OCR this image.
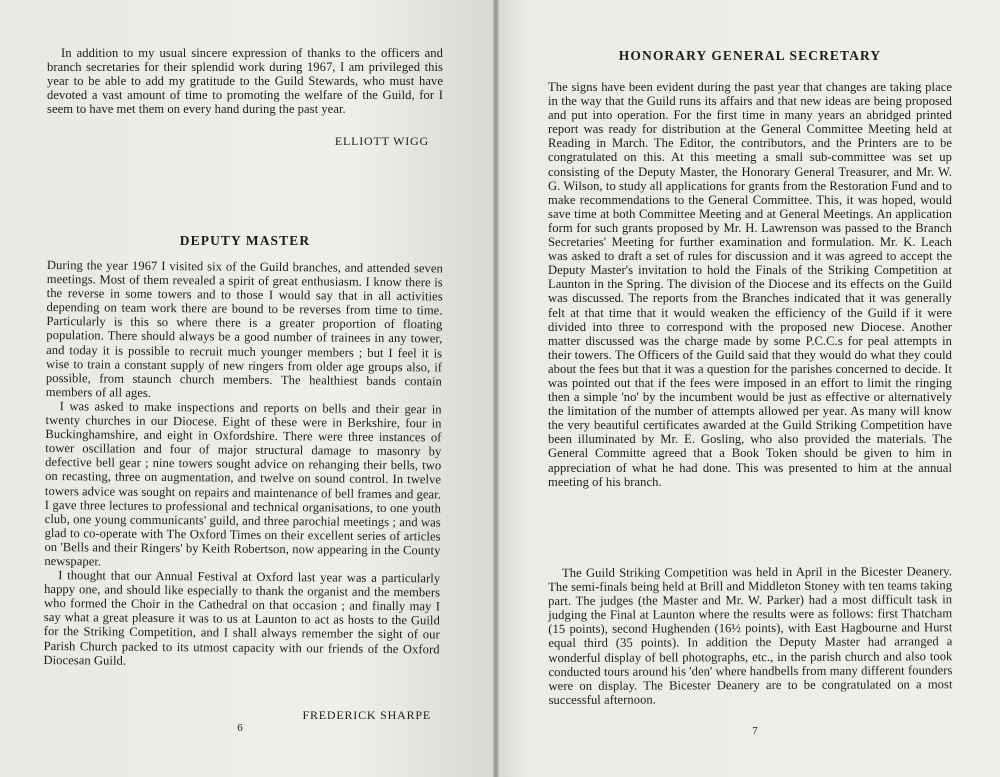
In addition to my usual sincere expression of thanks to the officers and branch secretaries for their splendid work during 1967, I am privileged this year to be able to add my gratitude to the Guild Stewards, who must have devoted a vast amount of time to promoting the welfare of the Guild, for I seem to have met them on every hand during the past year.

ELLIOTT WIGG

DEPUTY MASTER

During the year 1967 I visited six of the Guild branches, and attended seven meetings. Most of them revealed a spirit of great enthusiasm. I know there is the reverse in some towers and to those I would say that in all activities depending on team work there are bound to be reverses from time to time. Particularly is this so where there is a greater proportion of floating population. There should always be a good number of trainees in any tower, and today it is possible to recruit much younger members ; but I feel it is wise to train a constant supply of new ringers from older age groups also, if possible, from staunch church members. The healthiest bands contain members of all ages.

I was asked to make inspections and reports on bells and their gear in twenty churches in our Diocese. Eight of these were in Berkshire, four in Buckinghamshire, and eight in Oxfordshire. There were three instances of tower oscillation and four of major structural damage to masonry by defective bell gear ; nine towers sought advice on rehanging their bells, two on recasting, three on augmentation, and twelve on sound control. In twelve towers advice was sought on repairs and maintenance of bell frames and gear. I gave three lectures to professional and technical organisations, to one youth club, one young communicants' guild, and three parochial meetings ; and was glad to co-operate with The Oxford Times on their excellent series of articles on 'Bells and their Ringers' by Keith Robertson, now appearing in the County newspaper.

I thought that our Annual Festival at Oxford last year was a particularly happy one, and should like especially to thank the organist and the members who formed the Choir in the Cathedral on that occasion ; and finally may I say what a great pleasure it was to us at Launton to act as hosts to the Guild for the Striking Competition, and I shall always remember the sight of our Parish Church packed to its utmost capacity with our friends of the Oxford Diocesan Guild.

FREDERICK SHARPE

6
HONORARY GENERAL SECRETARY

The signs have been evident during the past year that changes are taking place in the way that the Guild runs its affairs and that new ideas are being proposed and put into operation. For the first time in many years an abridged printed report was ready for distribution at the General Committee Meeting held at Reading in March. The Editor, the contributors, and the Printers are to be congratulated on this. At this meeting a small sub-committee was set up consisting of the Deputy Master, the Honorary General Treasurer, and Mr. W. G. Wilson, to study all applications for grants from the Restoration Fund and to make recommendations to the General Committee. This, it was hoped, would save time at both Committee Meeting and at General Meetings. An application form for such grants proposed by Mr. H. Lawrenson was passed to the Branch Secretaries' Meeting for further examination and formulation. Mr. K. Leach was asked to draft a set of rules for discussion and it was agreed to accept the Deputy Master's invitation to hold the Finals of the Striking Competition at Launton in the Spring. The division of the Diocese and its effects on the Guild was discussed. The reports from the Branches indicated that it was generally felt at that time that it would weaken the efficiency of the Guild if it were divided into three to correspond with the proposed new Diocese. Another matter discussed was the charge made by some P.C.C.s for peal attempts in their towers. The Officers of the Guild said that they would do what they could about the fees but that it was a question for the parishes concerned to decide. It was pointed out that if the fees were imposed in an effort to limit the ringing then a simple 'no' by the incumbent would be just as effective or alternatively the limitation of the number of attempts allowed per year. As many will know the very beautiful certificates awarded at the Guild Striking Competition have been illuminated by Mr. E. Gosling, who also provided the materials. The General Committe agreed that a Book Token should be given to him in appreciation of what he had done. This was presented to him at the annual meeting of his branch.

The Guild Striking Competition was held in April in the Bicester Deanery. The semi-finals being held at Brill and Middleton Stoney with ten teams taking part. The judges (the Master and Mr. W. Parker) had a most difficult task in judging the Final at Launton where the results were as follows: first Thatcham (15 points), second Hughenden (16½ points), with East Hagbourne and Hurst equal third (35 points). In addition the Deputy Master had arranged a wonderful display of bell photographs, etc., in the parish church and also took conducted tours around his 'den' where handbells from many different founders were on display. The Bicester Deanery are to be congratulated on a most successful afternoon.

7
